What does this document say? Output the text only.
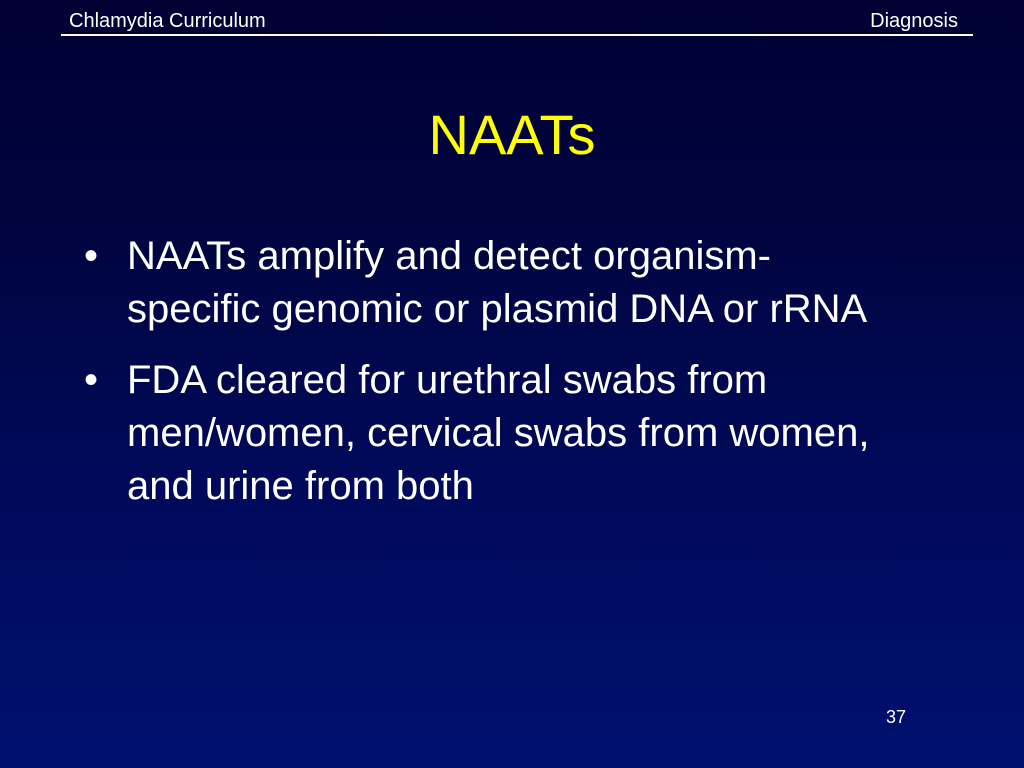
Chlamydia Curriculum	Diagnosis
NAATs
• NAATs amplify and detect organism-specific genomic or plasmid DNA or rRNA
• FDA cleared for urethral swabs from men/women, cervical swabs from women, and urine from both
37
